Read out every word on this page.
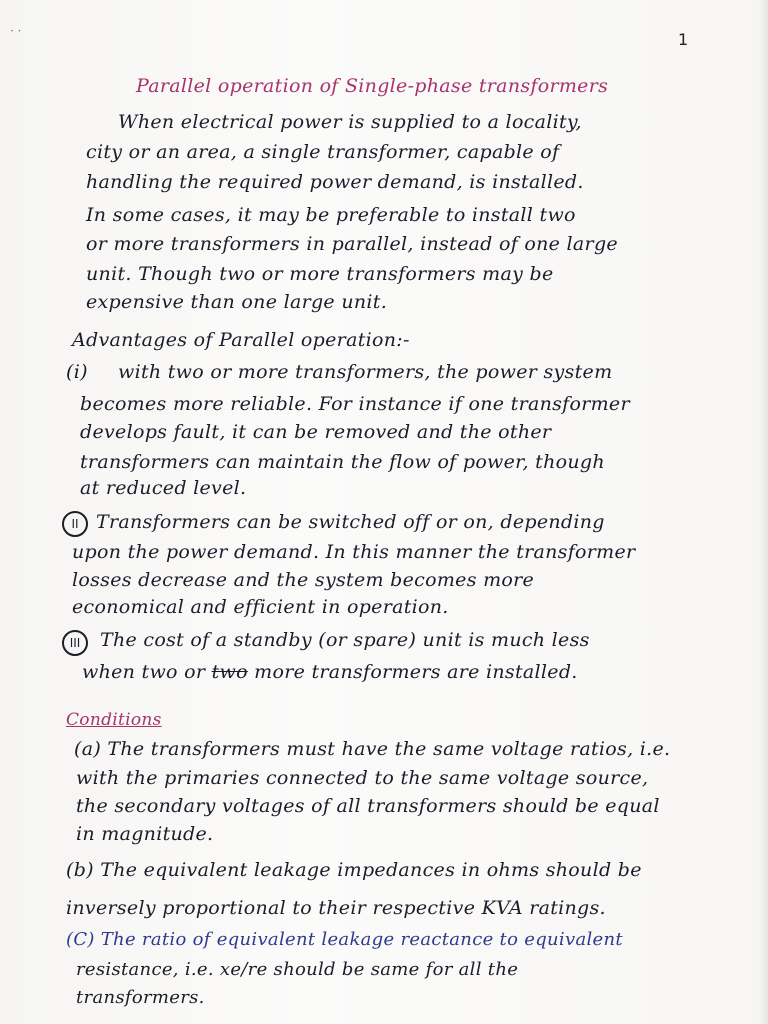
· ·	1
Parallel operation of Single-phase transformers
When electrical power is supplied to a locality,
city or an area, a single transformer, capable of
handling the required power demand, is installed.
In some cases, it may be preferable to install two
or more transformers in parallel, instead of one large
unit. Though two or more transformers may be
expensive than one large unit.
Advantages of Parallel operation:-
(i) with two or more transformers, the power system
becomes more reliable. For instance if one transformer
develops fault, it can be removed and the other
transformers can maintain the flow of power, though
at reduced level.
II Transformers can be switched off or on, depending
upon the power demand. In this manner the transformer
losses decrease and the system becomes more
economical and efficient in operation.
III	The cost of a standby (or spare) unit is much less
when two or two more transformers are installed.
Conditions
(a) The transformers must have the same voltage ratios, i.e.
with the primaries connected to the same voltage source,
the secondary voltages of all transformers should be equal
in magnitude.
(b) The equivalent leakage impedances in ohms should be
inversely proportional to their respective KVA ratings.
(C) The ratio of equivalent leakage reactance to equivalent
resistance, i.e. xe/re should be same for all the
transformers.
